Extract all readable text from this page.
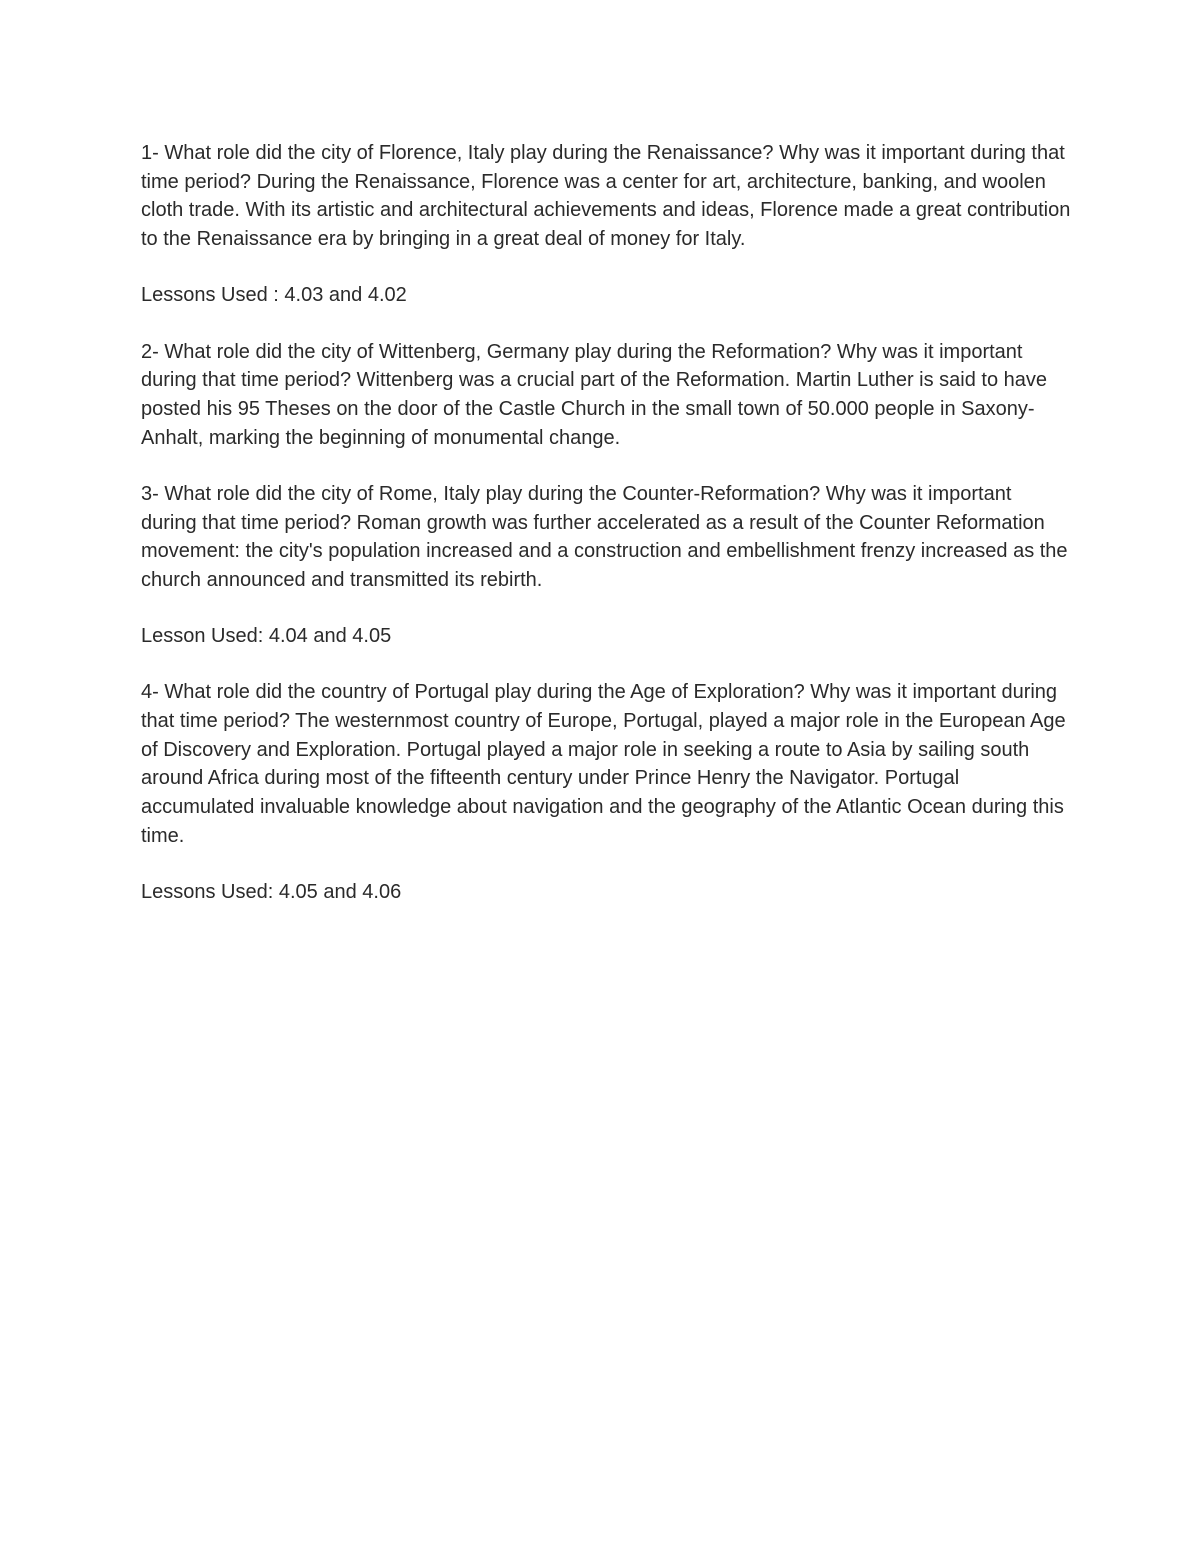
1- What role did the city of Florence, Italy play during the Renaissance? Why was it important during that time period? During the Renaissance, Florence was a center for art, architecture, banking, and woolen cloth trade. With its artistic and architectural achievements and ideas, Florence made a great contribution to the Renaissance era by bringing in a great deal of money for Italy.

Lessons Used : 4.03 and 4.02

2- What role did the city of Wittenberg, Germany play during the Reformation? Why was it important during that time period? Wittenberg was a crucial part of the Reformation. Martin Luther is said to have posted his 95 Theses on the door of the Castle Church in the small town of 50.000 people in Saxony-Anhalt, marking the beginning of monumental change.

3- What role did the city of Rome, Italy play during the Counter-Reformation? Why was it important during that time period? Roman growth was further accelerated as a result of the Counter Reformation movement: the city's population increased and a construction and embellishment frenzy increased as the church announced and transmitted its rebirth.

Lesson Used: 4.04 and 4.05

4- What role did the country of Portugal play during the Age of Exploration? Why was it important during that time period? The westernmost country of Europe, Portugal, played a major role in the European Age of Discovery and Exploration. Portugal played a major role in seeking a route to Asia by sailing south around Africa during most of the fifteenth century under Prince Henry the Navigator. Portugal accumulated invaluable knowledge about navigation and the geography of the Atlantic Ocean during this time.

Lessons Used: 4.05 and 4.06
